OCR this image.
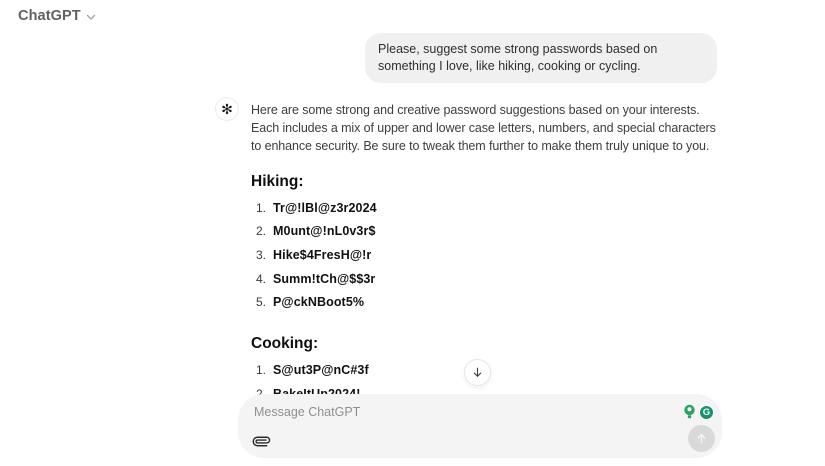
ChatGPT
Please, suggest some strong passwords based on something I love, like hiking, cooking or cycling.
✻ Here are some strong and creative password suggestions based on your interests. Each includes a mix of upper and lower case letters, numbers, and special characters to enhance security. Be sure to tweak them further to make them truly unique to you.
Hiking:
1. Tr@!lBl@z3r2024
2. M0unt@!nL0v3r$
3. Hike$4FresH@!r
4. Summ!tCh@$$3r
5. P@ckNBoot5%
Cooking:
1. S@ut3P@nC#3f
Message ChatGPT
G
